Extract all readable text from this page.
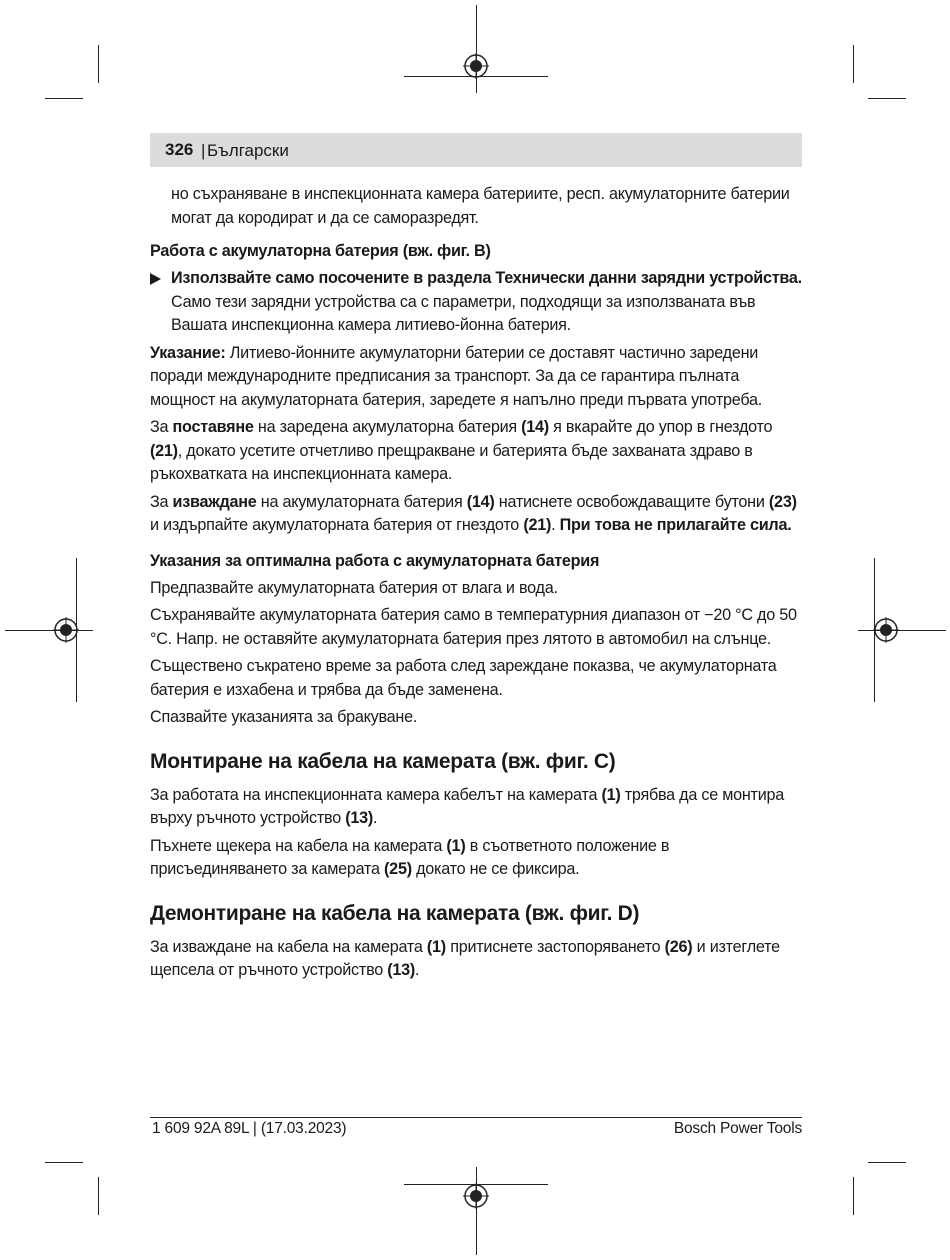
326 | Български

но съхраняване в инспекционната камера батериите, респ. акумулаторните батерии могат да кородират и да се саморазредят.

Работа с акумулаторна батерия (вж. фиг. B)
Използвайте само посочените в раздела Технически данни зарядни устройства. Само тези зарядни устройства са с параметри, подходящи за използваната във Вашата инспекционна камера литиево-йонна батерия.

Указание: Литиево-йонните акумулаторни батерии се доставят частично заредени поради международните предписания за транспорт. За да се гарантира пълната мощност на акумулаторната батерия, заредете я напълно преди първата употреба.

За поставяне на заредена акумулаторна батерия (14) я вкарайте до упор в гнездото (21), докато усетите отчетливо прещракване и батерията бъде захваната здраво в ръкохватката на инспекционната камера.

За изваждане на акумулаторната батерия (14) натиснете освобождаващите бутони (23) и издърпайте акумулаторната батерия от гнездото (21). При това не прилагайте сила.

Указания за оптимална работа с акумулаторната батерия

Предпазвайте акумулаторната батерия от влага и вода.

Съхранявайте акумулаторната батерия само в температурния диапазон от −20 °C до 50 °C. Напр. не оставяйте акумулаторната батерия през лятото в автомобил на слънце.

Съществено съкратено време за работа след зареждане показва, че акумулаторната батерия е изхабена и трябва да бъде заменена.

Спазвайте указанията за бракуване.

Монтиране на кабела на камерата (вж. фиг. C)

За работата на инспекционната камера кабелът на камерата (1) трябва да се монтира върху ръчното устройство (13).

Пъхнете щекера на кабела на камерата (1) в съответното положение в присъединяването за камерата (25) докато не се фиксира.

Демонтиране на кабела на камерата (вж. фиг. D)

За изваждане на кабела на камерата (1) притиснете застопоряването (26) и изтеглете щепсела от ръчното устройство (13).

1 609 92A 89L | (17.03.2023)	Bosch Power Tools
